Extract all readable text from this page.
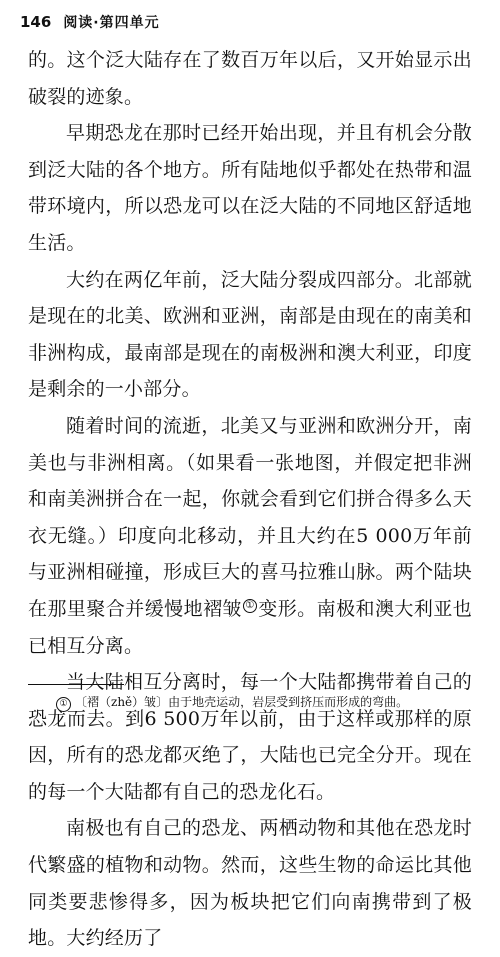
146 阅读·第四单元

的。这个泛大陆存在了数百万年以后，又开始显示出破裂的迹象。

早期恐龙在那时已经开始出现，并且有机会分散到泛大陆的各个地方。所有陆地似乎都处在热带和温带环境内，所以恐龙可以在泛大陆的不同地区舒适地生活。

大约在两亿年前，泛大陆分裂成四部分。北部就是现在的北美、欧洲和亚洲，南部是由现在的南美和非洲构成，最南部是现在的南极洲和澳大利亚，印度是剩余的一小部分。

随着时间的流逝，北美又与亚洲和欧洲分开，南美也与非洲相离。（如果看一张地图，并假定把非洲和南美洲拼合在一起，你就会看到它们拼合得多么天衣无缝。）印度向北移动，并且大约在5 000万年前与亚洲相碰撞，形成巨大的喜马拉雅山脉。两个陆块在那里聚合并缓慢地褶皱 ① 变形。南极和澳大利亚也已相互分离。

当大陆相互分离时，每一个大陆都携带着自己的恐龙而去。到6 500万年以前，由于这样或那样的原因，所有的恐龙都灭绝了，大陆也已完全分开。现在的每一个大陆都有自己的恐龙化石。

南极也有自己的恐龙、两栖动物和其他在恐龙时代繁盛的植物和动物。然而，这些生物的命运比其他同类要悲惨得多，因为板块把它们向南携带到了极地。大约经历了

① 〔褶（zhě）皱〕由于地壳运动，岩层受到挤压而形成的弯曲。
